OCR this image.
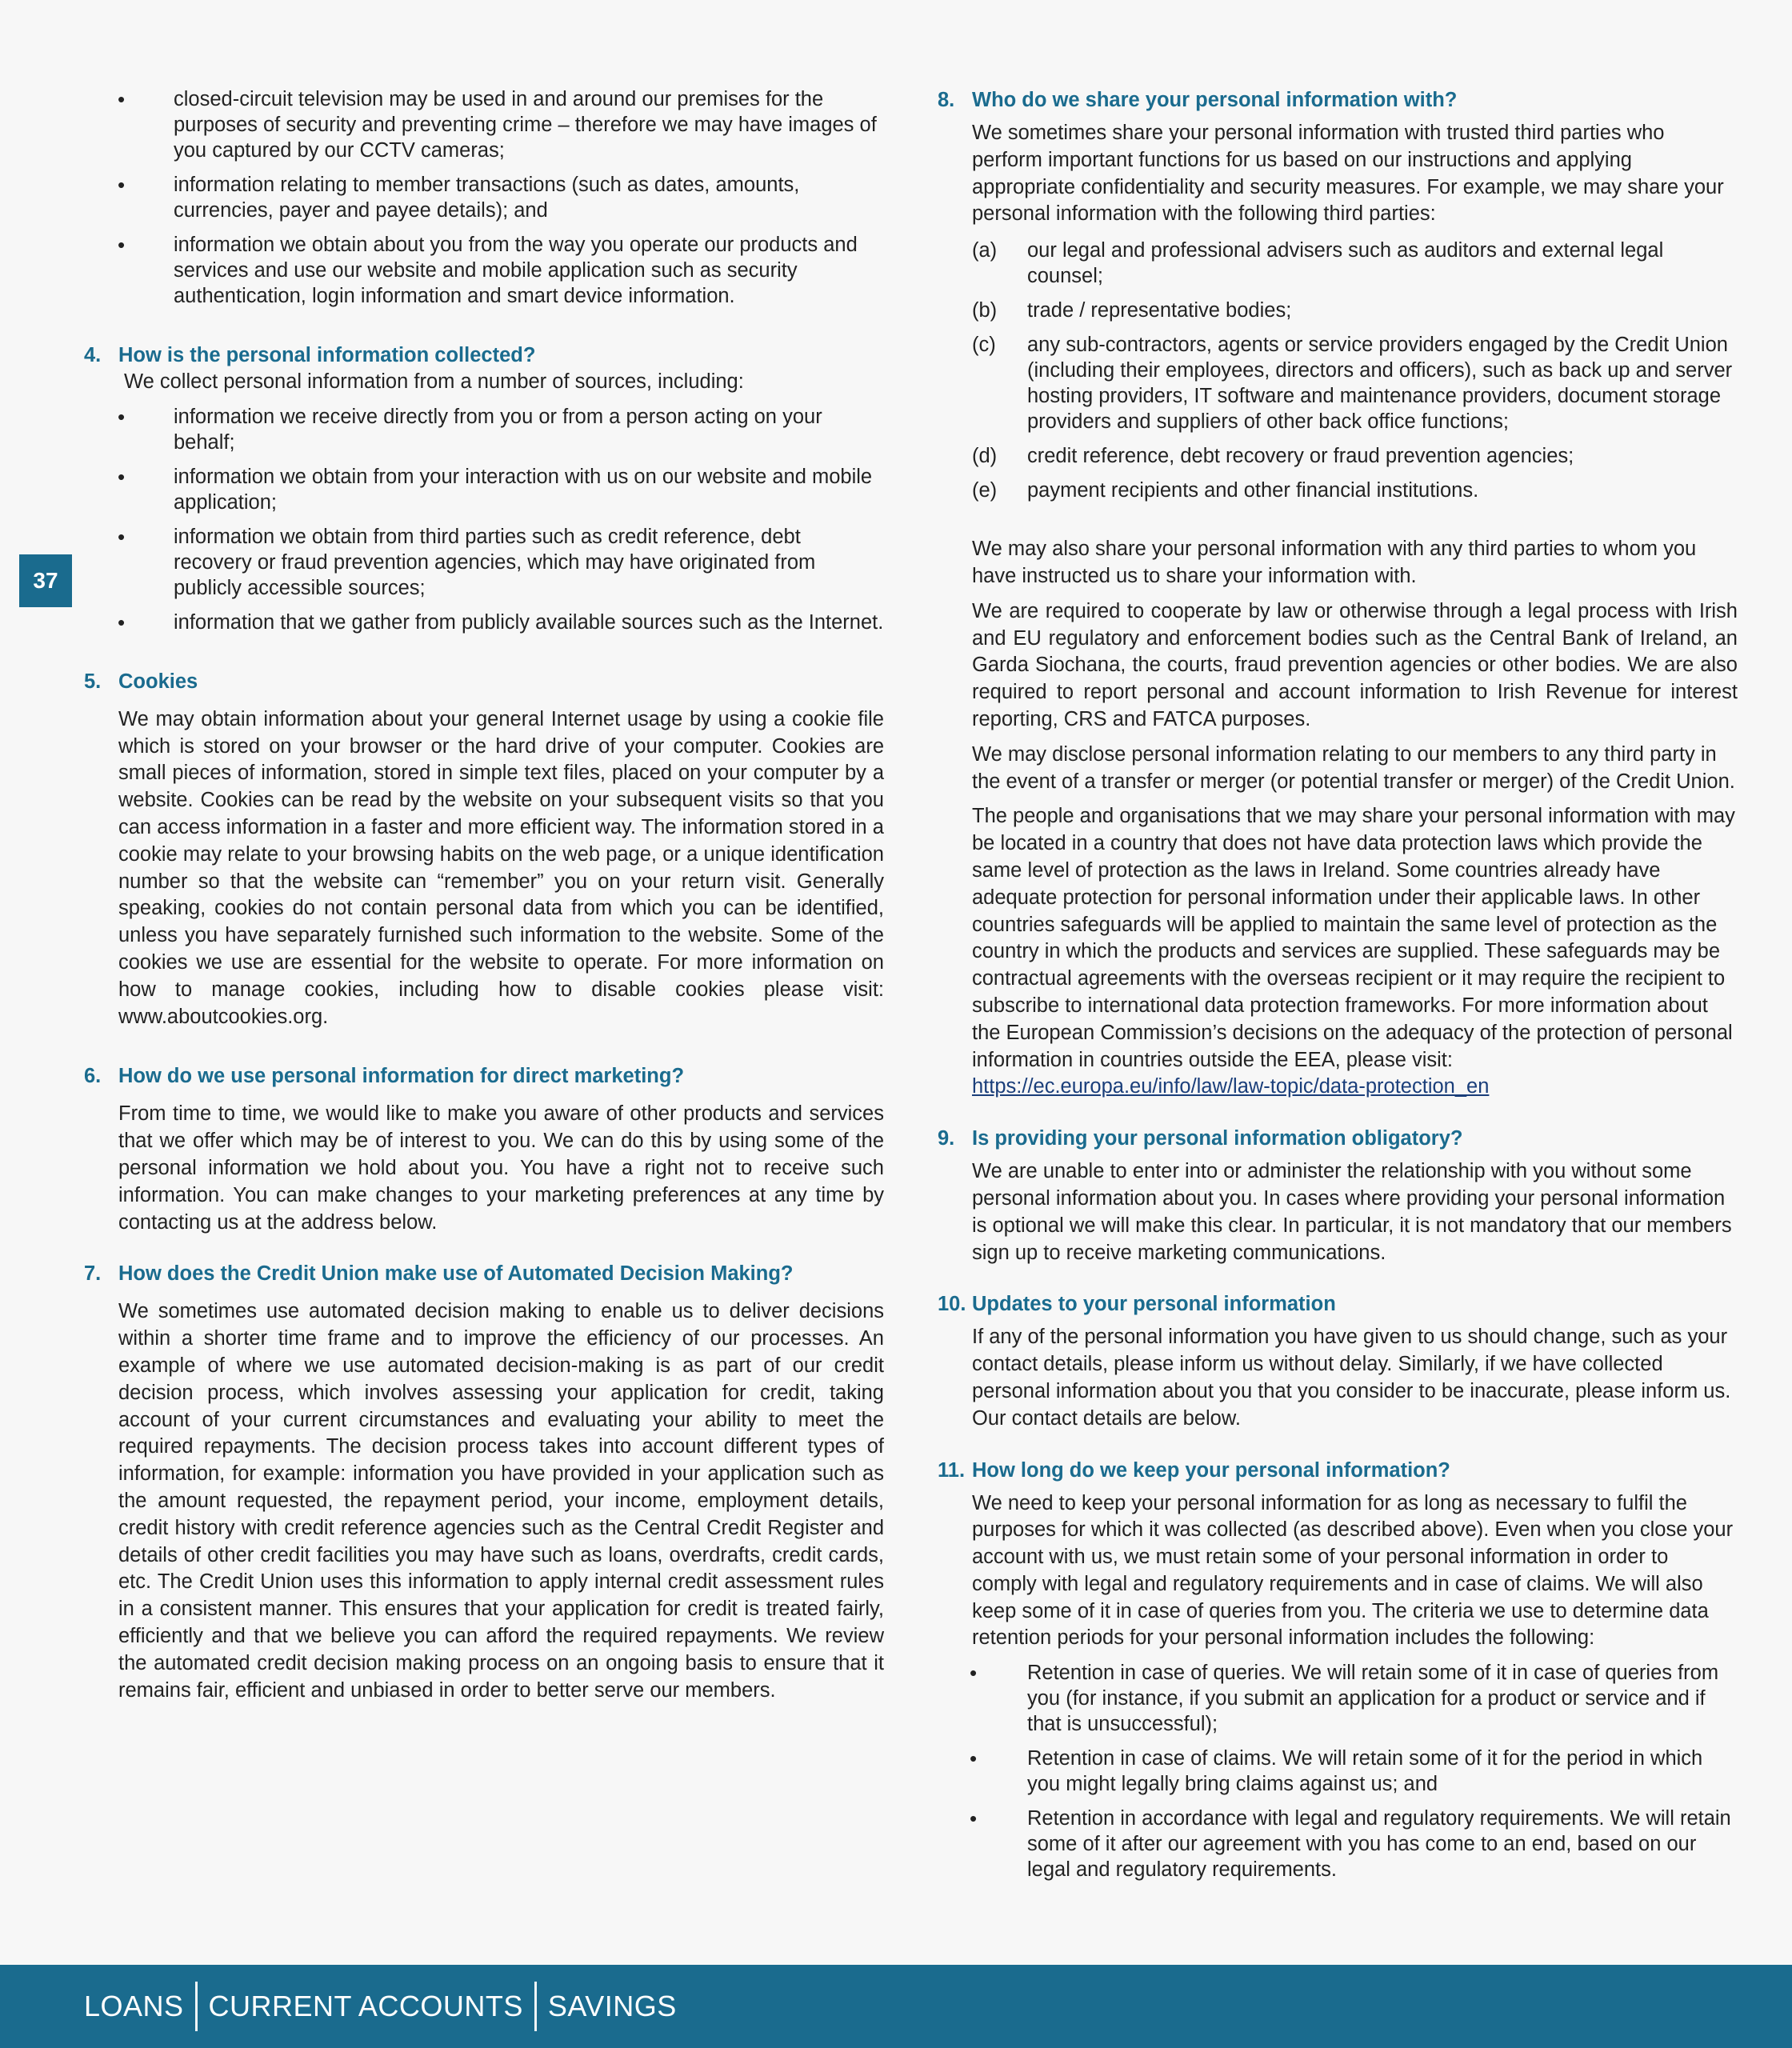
37
• closed-circuit television may be used in and around our premises for the purposes of security and preventing crime – therefore we may have images of you captured by our CCTV cameras;
• information relating to member transactions (such as dates, amounts, currencies, payer and payee details); and
• information we obtain about you from the way you operate our products and services and use our website and mobile application such as security authentication, login information and smart device information.
4. How is the personal information collected?
We collect personal information from a number of sources, including:
• information we receive directly from you or from a person acting on your behalf;
• information we obtain from your interaction with us on our website and mobile application;
• information we obtain from third parties such as credit reference, debt recovery or fraud prevention agencies, which may have originated from publicly accessible sources;
• information that we gather from publicly available sources such as the Internet.
5. Cookies
We may obtain information about your general Internet usage by using a cookie file which is stored on your browser or the hard drive of your computer. Cookies are small pieces of information, stored in simple text files, placed on your computer by a website. Cookies can be read by the website on your subsequent visits so that you can access information in a faster and more efficient way. The information stored in a cookie may relate to your browsing habits on the web page, or a unique identification number so that the website can “remember” you on your return visit. Generally speaking, cookies do not contain personal data from which you can be identified, unless you have separately furnished such information to the website. Some of the cookies we use are essential for the website to operate. For more information on how to manage cookies, including how to disable cookies please visit: www.aboutcookies.org.
6. How do we use personal information for direct marketing?
From time to time, we would like to make you aware of other products and services that we offer which may be of interest to you. We can do this by using some of the personal information we hold about you. You have a right not to receive such information. You can make changes to your marketing preferences at any time by contacting us at the address below.
7. How does the Credit Union make use of Automated Decision Making?
We sometimes use automated decision making to enable us to deliver decisions within a shorter time frame and to improve the efficiency of our processes. An example of where we use automated decision-making is as part of our credit decision process, which involves assessing your application for credit, taking account of your current circumstances and evaluating your ability to meet the required repayments. The decision process takes into account different types of information, for example: information you have provided in your application such as the amount requested, the repayment period, your income, employment details, credit history with credit reference agencies such as the Central Credit Register and details of other credit facilities you may have such as loans, overdrafts, credit cards, etc. The Credit Union uses this information to apply internal credit assessment rules in a consistent manner. This ensures that your application for credit is treated fairly, efficiently and that we believe you can afford the required repayments. We review the automated credit decision making process on an ongoing basis to ensure that it remains fair, efficient and unbiased in order to better serve our members.
8. Who do we share your personal information with?
We sometimes share your personal information with trusted third parties who perform important functions for us based on our instructions and applying appropriate confidentiality and security measures. For example, we may share your personal information with the following third parties:
(a) our legal and professional advisers such as auditors and external legal counsel;
(b) trade / representative bodies;
(c) any sub-contractors, agents or service providers engaged by the Credit Union (including their employees, directors and officers), such as back up and server hosting providers, IT software and maintenance providers, document storage providers and suppliers of other back office functions;
(d) credit reference, debt recovery or fraud prevention agencies;
(e) payment recipients and other financial institutions.
We may also share your personal information with any third parties to whom you have instructed us to share your information with.
We are required to cooperate by law or otherwise through a legal process with Irish and EU regulatory and enforcement bodies such as the Central Bank of Ireland, an Garda Siochana, the courts, fraud prevention agencies or other bodies. We are also required to report personal and account information to Irish Revenue for interest reporting, CRS and FATCA purposes.
We may disclose personal information relating to our members to any third party in the event of a transfer or merger (or potential transfer or merger) of the Credit Union.
The people and organisations that we may share your personal information with may be located in a country that does not have data protection laws which provide the same level of protection as the laws in Ireland. Some countries already have adequate protection for personal information under their applicable laws. In other countries safeguards will be applied to maintain the same level of protection as the country in which the products and services are supplied. These safeguards may be contractual agreements with the overseas recipient or it may require the recipient to subscribe to international data protection frameworks. For more information about the European Commission’s decisions on the adequacy of the protection of personal information in countries outside the EEA, please visit: https://ec.europa.eu/info/law/law-topic/data-protection_en
9. Is providing your personal information obligatory?
We are unable to enter into or administer the relationship with you without some personal information about you. In cases where providing your personal information is optional we will make this clear. In particular, it is not mandatory that our members sign up to receive marketing communications.
10. Updates to your personal information
If any of the personal information you have given to us should change, such as your contact details, please inform us without delay. Similarly, if we have collected personal information about you that you consider to be inaccurate, please inform us. Our contact details are below.
11. How long do we keep your personal information?
We need to keep your personal information for as long as necessary to fulfil the purposes for which it was collected (as described above). Even when you close your account with us, we must retain some of your personal information in order to comply with legal and regulatory requirements and in case of claims. We will also keep some of it in case of queries from you. The criteria we use to determine data retention periods for your personal information includes the following:
• Retention in case of queries. We will retain some of it in case of queries from you (for instance, if you submit an application for a product or service and if that is unsuccessful);
• Retention in case of claims. We will retain some of it for the period in which you might legally bring claims against us; and
• Retention in accordance with legal and regulatory requirements. We will retain some of it after our agreement with you has come to an end, based on our legal and regulatory requirements.
LOANS CURRENT ACCOUNTS SAVINGS
